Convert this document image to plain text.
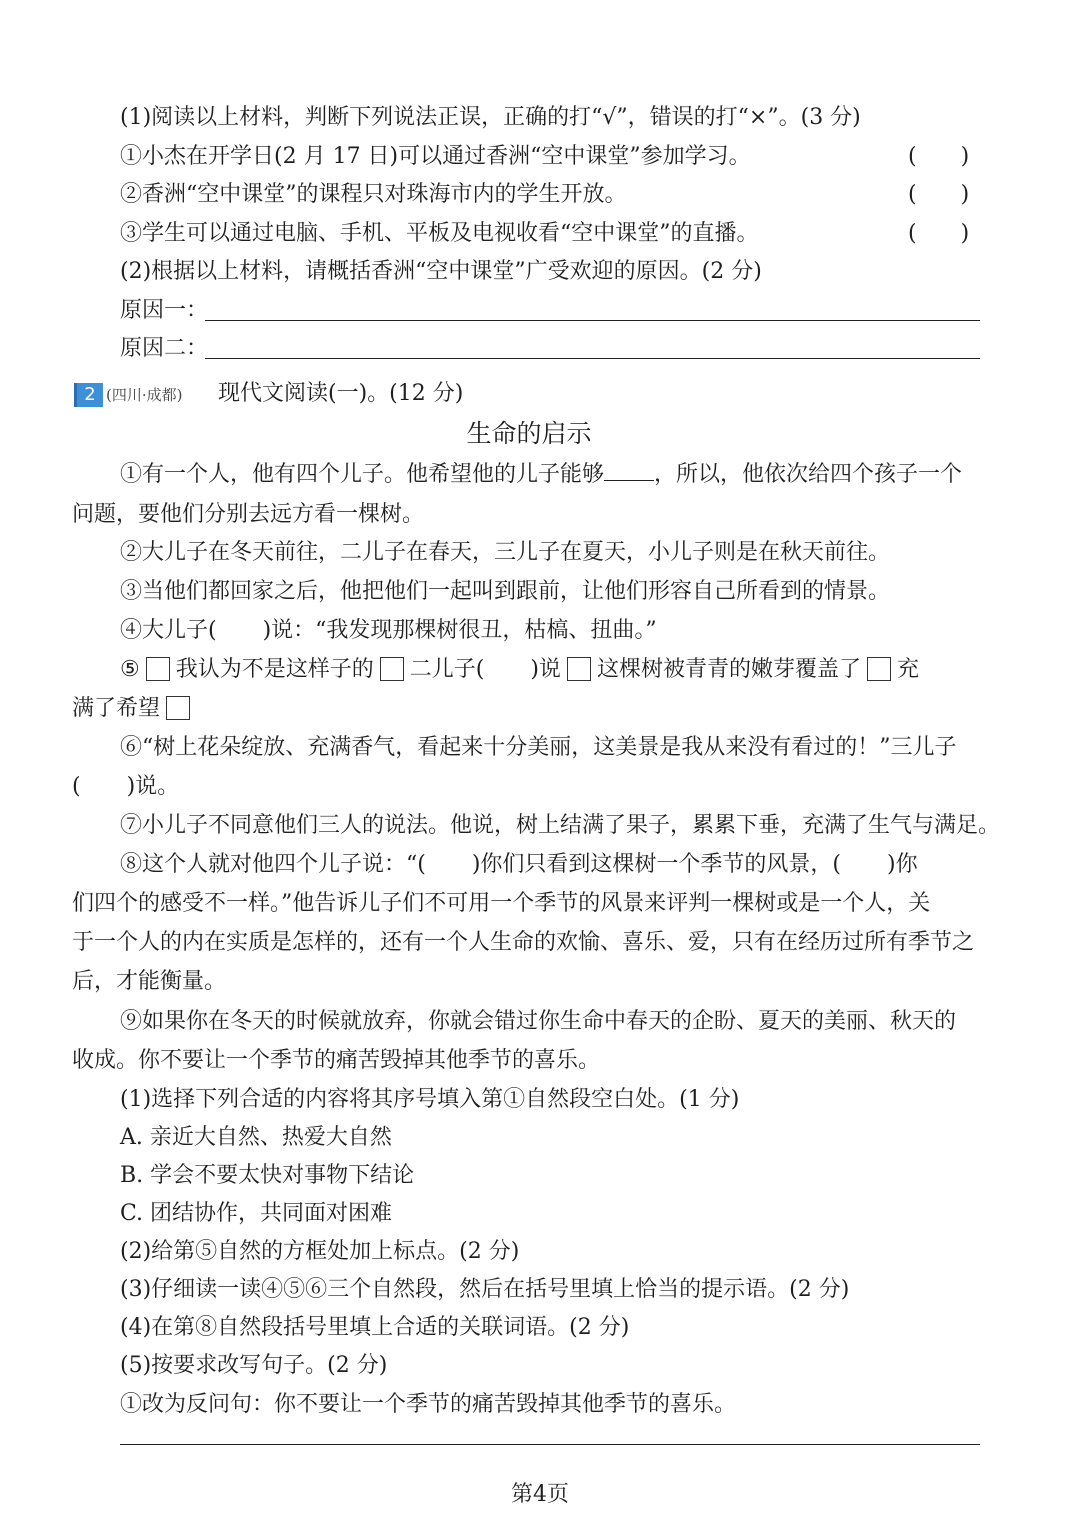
(1)阅读以上材料，判断下列说法正误，正确的打“√”，错误的打“×”。(3 分)
①小杰在开学日(2 月 17 日)可以通过香洲“空中课堂”参加学习。	(　　)
②香洲“空中课堂”的课程只对珠海市内的学生开放。	(　　)
③学生可以通过电脑、手机、平板及电视收看“空中课堂”的直播。	(　　)
(2)根据以上材料，请概括香洲“空中课堂”广受欢迎的原因。(2 分)
原因一：
原因二：
2 (四川·成都) 现代文阅读(一)。(12 分)
生命的启示
①有一个人，他有四个儿子。他希望他的儿子能够 ，所以，他依次给四个孩子一个
问题，要他们分别去远方看一棵树。
②大儿子在冬天前往，二儿子在春天，三儿子在夏天，小儿子则是在秋天前往。
③当他们都回家之后，他把他们一起叫到跟前，让他们形容自己所看到的情景。
④大儿子( )说：“我发现那棵树很丑，枯槁、扭曲。”
⑤ 我认为不是这样子的 二儿子( )说 这棵树被青青的嫩芽覆盖了 充
满了希望
⑥“树上花朵绽放、充满香气，看起来十分美丽，这美景是我从来没有看过的！”三儿子
( )说。
⑦小儿子不同意他们三人的说法。他说，树上结满了果子，累累下垂，充满了生气与满足。
⑧这个人就对他四个儿子说：“( )你们只看到这棵树一个季节的风景，( )你
们四个的感受不一样。”他告诉儿子们不可用一个季节的风景来评判一棵树或是一个人，关
于一个人的内在实质是怎样的，还有一个人生命的欢愉、喜乐、爱，只有在经历过所有季节之
后，才能衡量。
⑨如果你在冬天的时候就放弃，你就会错过你生命中春天的企盼、夏天的美丽、秋天的
收成。你不要让一个季节的痛苦毁掉其他季节的喜乐。
(1)选择下列合适的内容将其序号填入第①自然段空白处。(1 分)
A. 亲近大自然、热爱大自然
B. 学会不要太快对事物下结论
C. 团结协作，共同面对困难
(2)给第⑤自然的方框处加上标点。(2 分)
(3)仔细读一读④⑤⑥三个自然段，然后在括号里填上恰当的提示语。(2 分)
(4)在第⑧自然段括号里填上合适的关联词语。(2 分)
(5)按要求改写句子。(2 分)
①改为反问句：你不要让一个季节的痛苦毁掉其他季节的喜乐。
第4页
